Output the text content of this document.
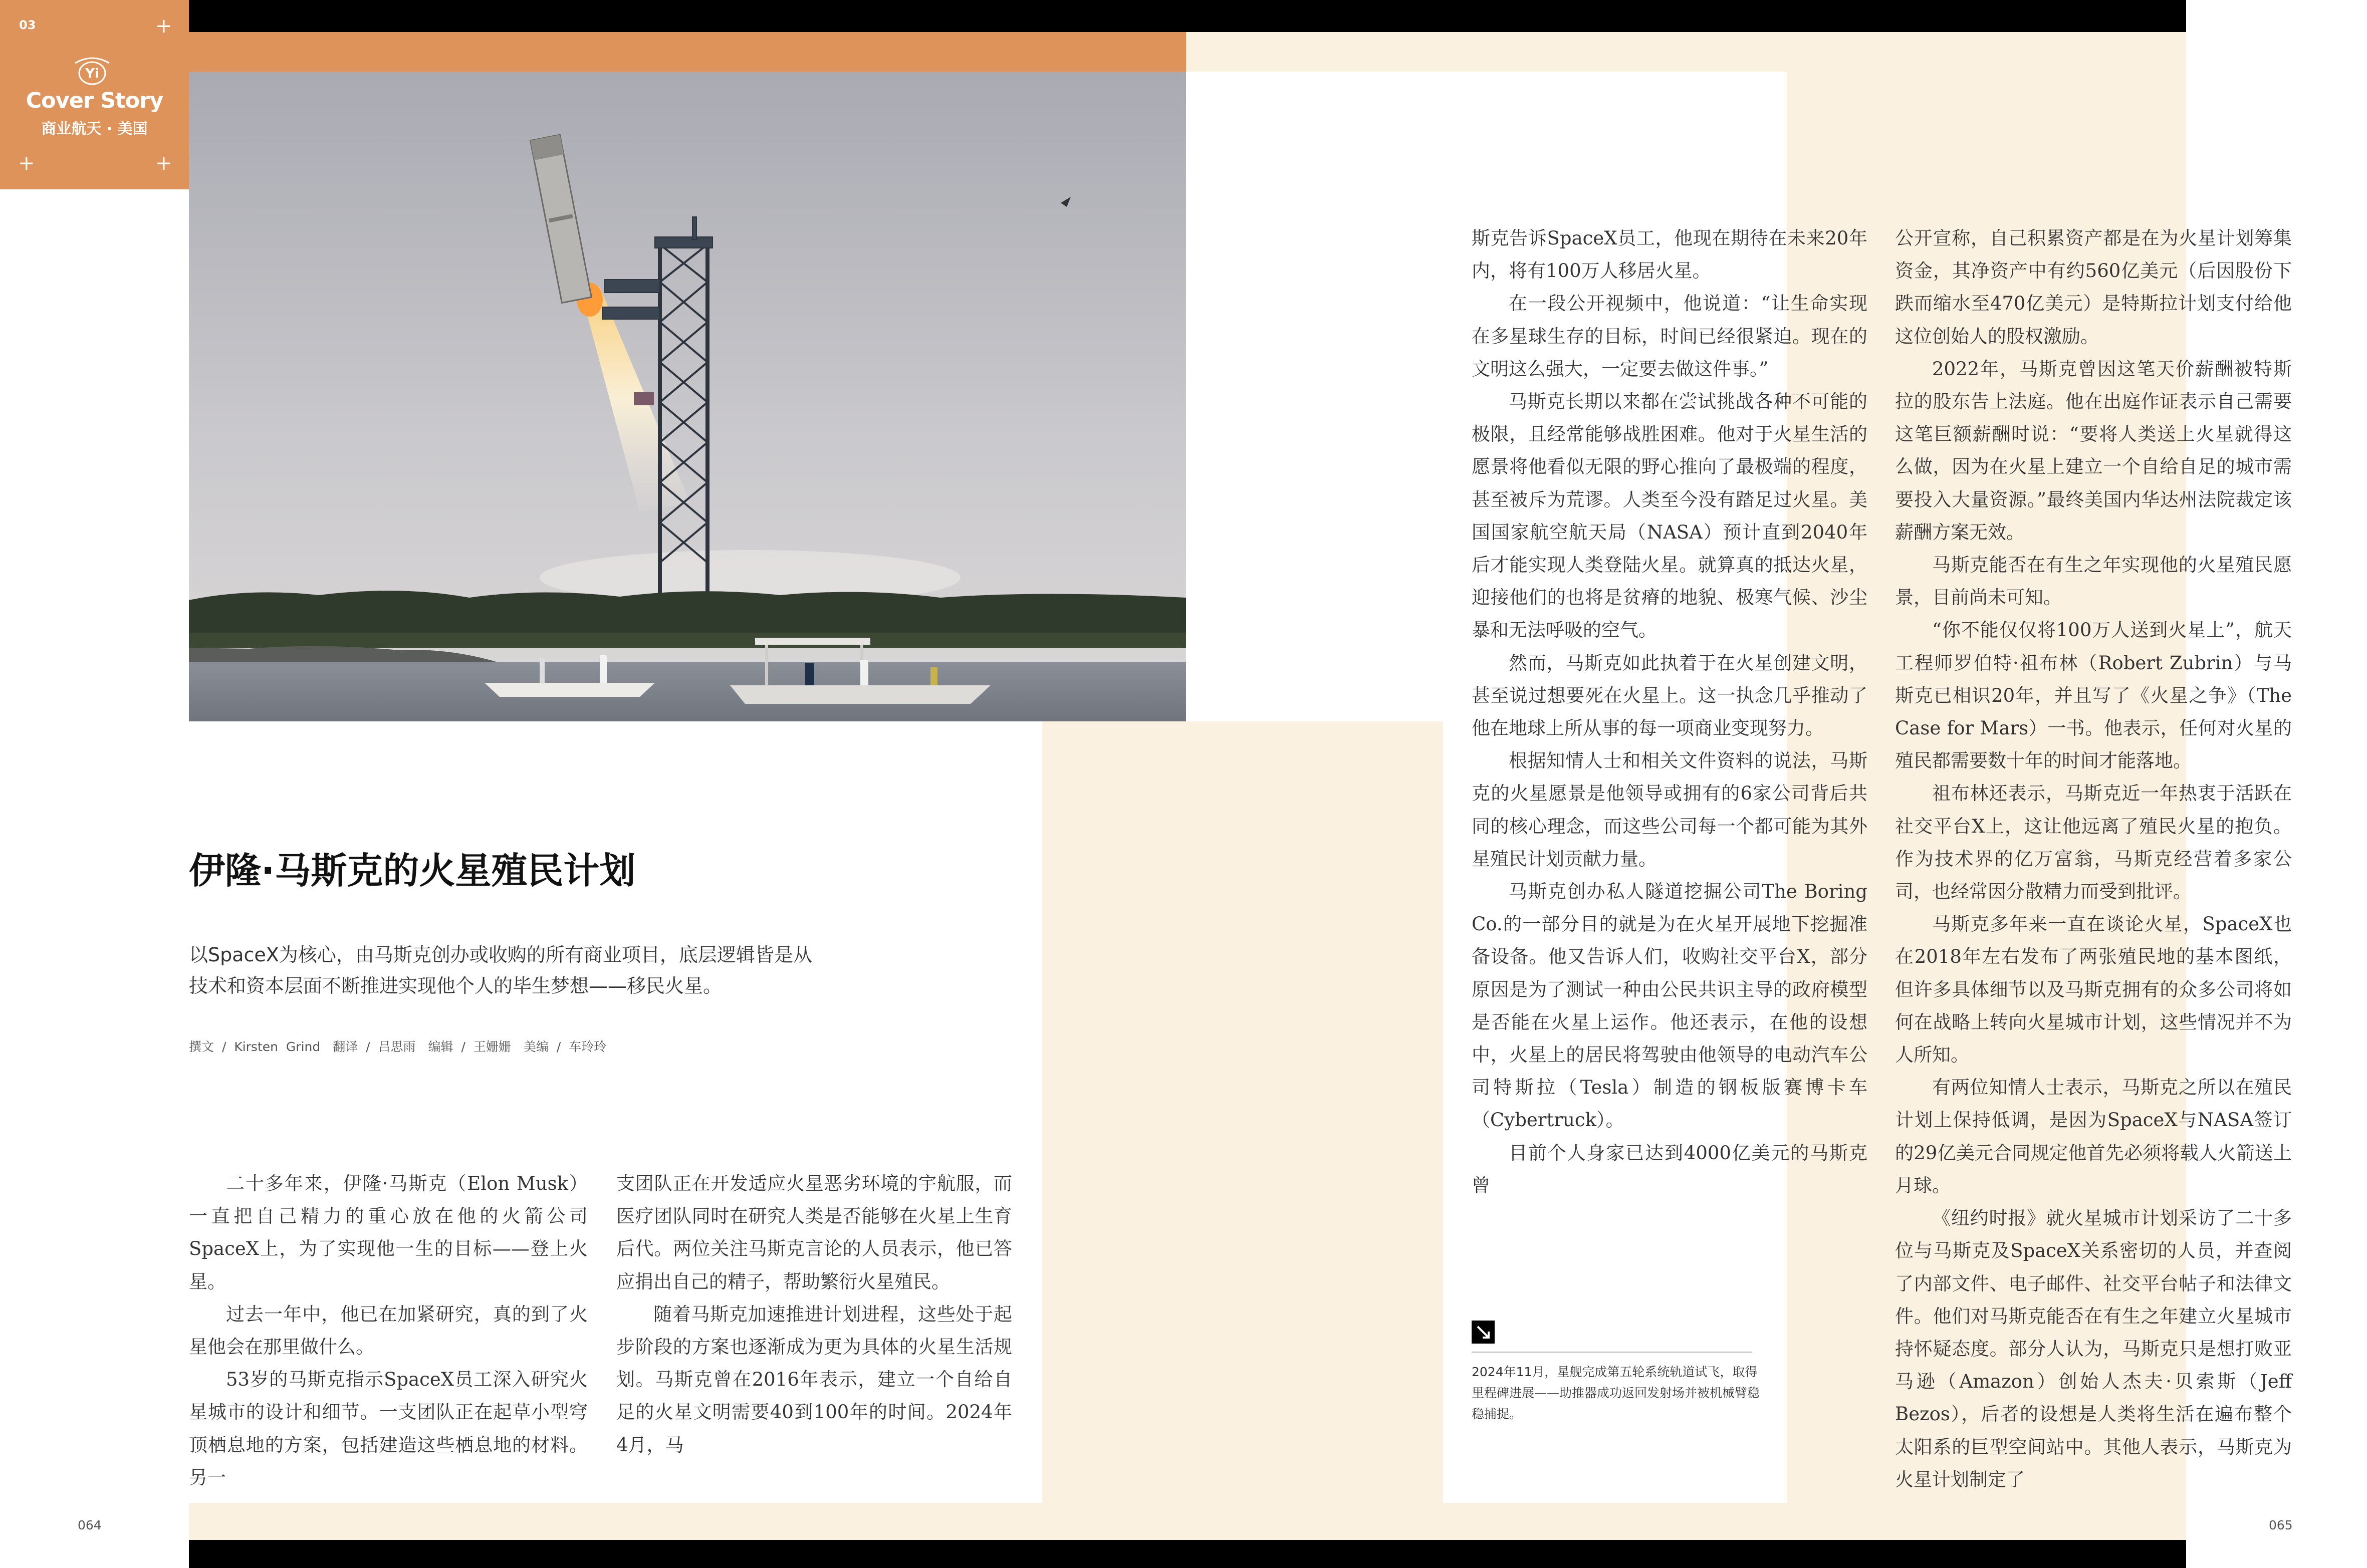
+
+	+
03
Yi
Cover Story
商业航天 · 美国
伊隆·马斯克的火星殖民计划
以SpaceX为核心，由马斯克创办或收购的所有商业项目，底层逻辑皆是从技术和资本层面不断推进实现他个人的毕生梦想——移民火星。
撰文 / Kirsten Grind　翻译 / 吕思雨　编辑 / 王姗姗　美编 / 车玲玲

二十多年来，伊隆·马斯克（Elon Musk）一直把自己精力的重心放在他的火箭公司SpaceX上，为了实现他一生的目标——登上火星。

过去一年中，他已在加紧研究，真的到了火星他会在那里做什么。

53岁的马斯克指示SpaceX员工深入研究火星城市的设计和细节。一支团队正在起草小型穹顶栖息地的方案，包括建造这些栖息地的材料。另一

支团队正在开发适应火星恶劣环境的宇航服，而医疗团队同时在研究人类是否能够在火星上生育后代。两位关注马斯克言论的人员表示，他已答应捐出自己的精子，帮助繁衍火星殖民。

随着马斯克加速推进计划进程，这些处于起步阶段的方案也逐渐成为更为具体的火星生活规划。马斯克曾在2016年表示，建立一个自给自足的火星文明需要40到100年的时间。2024年4月，马

斯克告诉SpaceX员工，他现在期待在未来20年内，将有100万人移居火星。

在一段公开视频中，他说道：“让生命实现在多星球生存的目标，时间已经很紧迫。现在的文明这么强大，一定要去做这件事。”

马斯克长期以来都在尝试挑战各种不可能的极限，且经常能够战胜困难。他对于火星生活的愿景将他看似无限的野心推向了最极端的程度，甚至被斥为荒谬。人类至今没有踏足过火星。美国国家航空航天局（NASA）预计直到2040年后才能实现人类登陆火星。就算真的抵达火星，迎接他们的也将是贫瘠的地貌、极寒气候、沙尘暴和无法呼吸的空气。

然而，马斯克如此执着于在火星创建文明，甚至说过想要死在火星上。这一执念几乎推动了他在地球上所从事的每一项商业变现努力。

根据知情人士和相关文件资料的说法，马斯克的火星愿景是他领导或拥有的6家公司背后共同的核心理念，而这些公司每一个都可能为其外星殖民计划贡献力量。

马斯克创办私人隧道挖掘公司The Boring Co.的一部分目的就是为在火星开展地下挖掘准备设备。他又告诉人们，收购社交平台X，部分原因是为了测试一种由公民共识主导的政府模型是否能在火星上运作。他还表示，在他的设想中，火星上的居民将驾驶由他领导的电动汽车公司特斯拉（Tesla）制造的钢板版赛博卡车（Cybertruck）。

目前个人身家已达到4000亿美元的马斯克曾

公开宣称，自己积累资产都是在为火星计划筹集资金，其净资产中有约560亿美元（后因股份下跌而缩水至470亿美元）是特斯拉计划支付给他这位创始人的股权激励。

2022年，马斯克曾因这笔天价薪酬被特斯拉的股东告上法庭。他在出庭作证表示自己需要这笔巨额薪酬时说：“要将人类送上火星就得这么做，因为在火星上建立一个自给自足的城市需要投入大量资源。”最终美国内华达州法院裁定该薪酬方案无效。

马斯克能否在有生之年实现他的火星殖民愿景，目前尚未可知。

“你不能仅仅将100万人送到火星上”，航天工程师罗伯特·祖布林（Robert Zubrin）与马斯克已相识20年，并且写了《火星之争》（The Case for Mars）一书。他表示，任何对火星的殖民都需要数十年的时间才能落地。

祖布林还表示，马斯克近一年热衷于活跃在社交平台X上，这让他远离了殖民火星的抱负。作为技术界的亿万富翁，马斯克经营着多家公司，也经常因分散精力而受到批评。

马斯克多年来一直在谈论火星，SpaceX也在2018年左右发布了两张殖民地的基本图纸，但许多具体细节以及马斯克拥有的众多公司将如何在战略上转向火星城市计划，这些情况并不为人所知。

有两位知情人士表示，马斯克之所以在殖民计划上保持低调，是因为SpaceX与NASA签订的29亿美元合同规定他首先必须将载人火箭送上月球。

《纽约时报》就火星城市计划采访了二十多位与马斯克及SpaceX关系密切的人员，并查阅了内部文件、电子邮件、社交平台帖子和法律文件。他们对马斯克能否在有生之年建立火星城市持怀疑态度。部分人认为，马斯克只是想打败亚马逊（Amazon）创始人杰夫·贝索斯（Jeff Bezos），后者的设想是人类将生活在遍布整个太阳系的巨型空间站中。其他人表示，马斯克为火星计划制定了

2024年11月，星舰完成第五轮系统轨道试飞，取得里程碑进展——助推器成功返回发射场并被机械臂稳稳捕捉。
064	065
